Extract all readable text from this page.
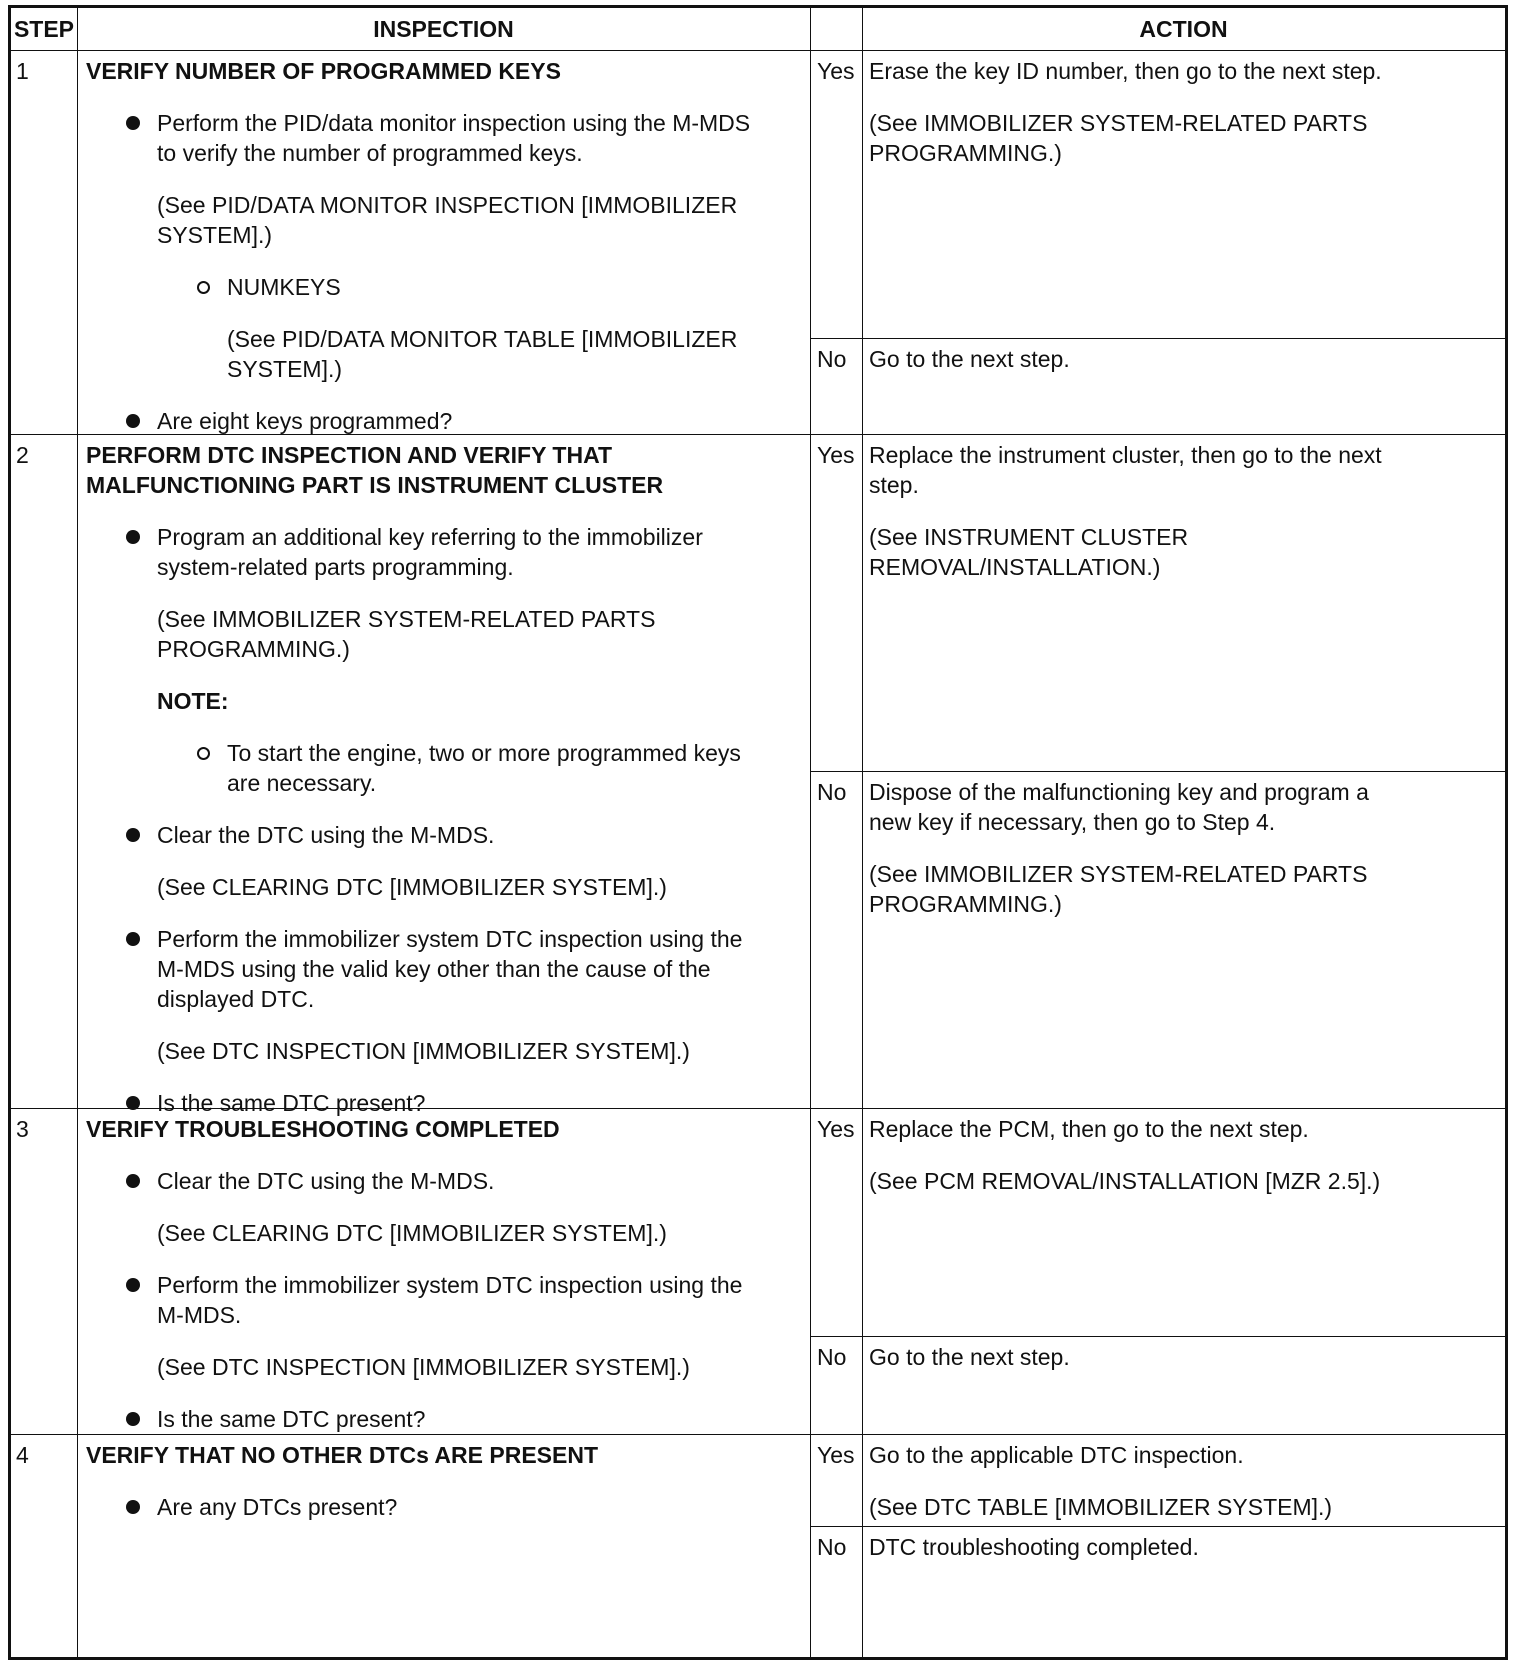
STEP	INSPECTION	ACTION
1 VERIFY NUMBER OF PROGRAMMED KEYS
Perform the PID/data monitor inspection using the M-MDS
to verify the number of programmed keys.
(See PID/DATA MONITOR INSPECTION [IMMOBILIZER
SYSTEM].)
NUMKEYS
(See PID/DATA MONITOR TABLE [IMMOBILIZER
SYSTEM].)
Are eight keys programmed?
Yes
No
Erase the key ID number, then go to the next step.
(See IMMOBILIZER SYSTEM-RELATED PARTS
PROGRAMMING.)
Go to the next step.
2 PERFORM DTC INSPECTION AND VERIFY THAT
MALFUNCTIONING PART IS INSTRUMENT CLUSTER
Program an additional key referring to the immobilizer
system-related parts programming.
(See IMMOBILIZER SYSTEM-RELATED PARTS
PROGRAMMING.)
NOTE:
To start the engine, two or more programmed keys
are necessary.
Clear the DTC using the M-MDS.
(See CLEARING DTC [IMMOBILIZER SYSTEM].)
Perform the immobilizer system DTC inspection using the
M-MDS using the valid key other than the cause of the
displayed DTC.
(See DTC INSPECTION [IMMOBILIZER SYSTEM].)
Is the same DTC present?
Yes
No
Replace the instrument cluster, then go to the next
step.
(See INSTRUMENT CLUSTER
REMOVAL/INSTALLATION.)
Dispose of the malfunctioning key and program a
new key if necessary, then go to Step 4.
(See IMMOBILIZER SYSTEM-RELATED PARTS
PROGRAMMING.)
3 VERIFY TROUBLESHOOTING COMPLETED
Clear the DTC using the M-MDS.
(See CLEARING DTC [IMMOBILIZER SYSTEM].)
Perform the immobilizer system DTC inspection using the
M-MDS.
(See DTC INSPECTION [IMMOBILIZER SYSTEM].)
Is the same DTC present?
Yes
No
Replace the PCM, then go to the next step.
(See PCM REMOVAL/INSTALLATION [MZR 2.5].)
Go to the next step.
4 VERIFY THAT NO OTHER DTCs ARE PRESENT
Are any DTCs present?
Yes
No
Go to the applicable DTC inspection.
(See DTC TABLE [IMMOBILIZER SYSTEM].)
DTC troubleshooting completed.
